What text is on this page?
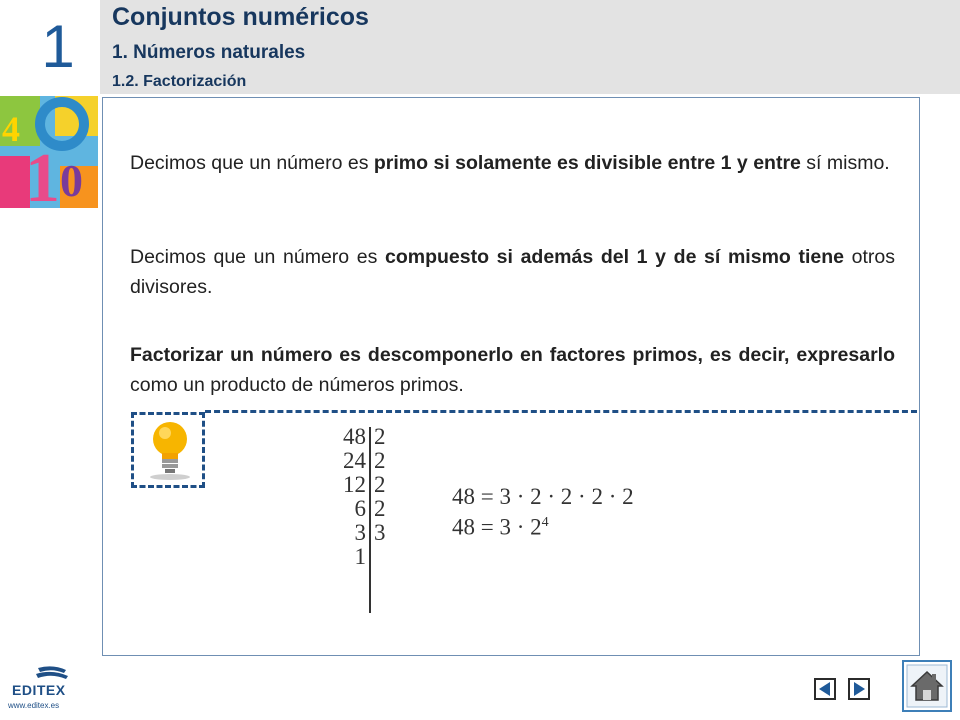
1	Conjuntos numéricos
1. Números naturales
1.2. Factorización
1 0
4
Decimos que un número es primo si solamente es divisible entre 1 y entre sí mismo.
Decimos que un número es compuesto si además del 1 y de sí mismo tiene otros divisores.
Factorizar un número es descomponerlo en factores primos, es decir, expresarlo como un producto de números primos.
48
24
12
6
3
1
2
2
2
2
3
48 = 3 · 2 · 2 · 2 · 2
$48 = 3 \cdot 2^4$
EDITEX
www.editex.es
